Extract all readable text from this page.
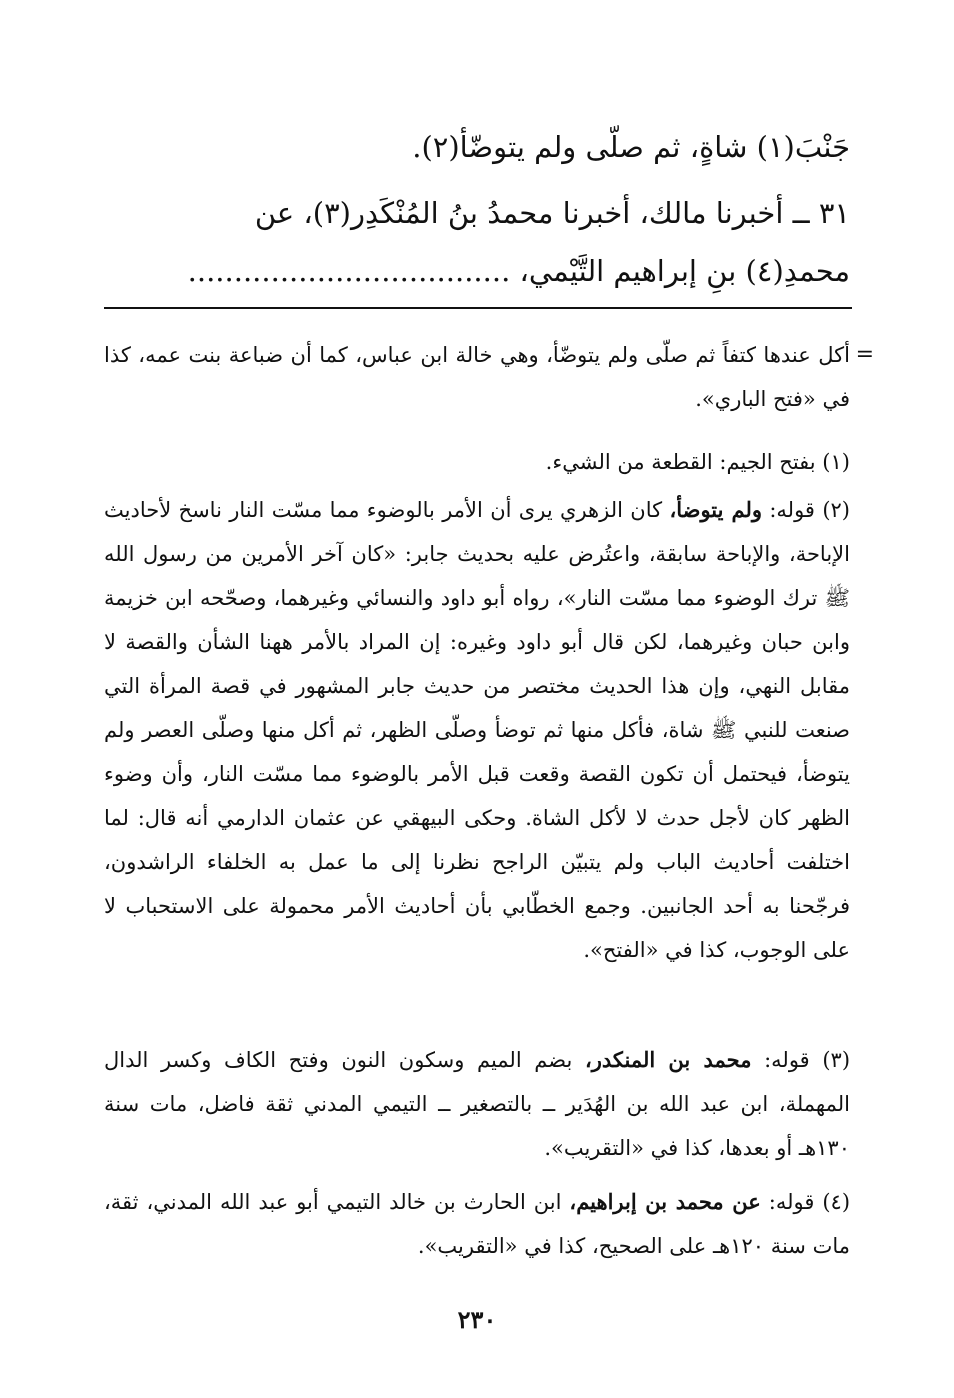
جَنْبَ(١) شاةٍ، ثم صلّى ولم يتوضّأ(٢).

٣١ ــ أخبرنا مالك، أخبرنا محمدُ بنُ المُنْكَدِر(٣)، عن

محمدِ(٤) بنِ إبراهيم التَّيْمي، ...................................

=

أكل عندها كتفاً ثم صلّى ولم يتوضّأ، وهي خالة ابن عباس، كما أن ضباعة بنت عمه، كذا في «فتح الباري».

(١) بفتح الجيم: القطعة من الشيء.

(٢) قوله: ولم يتوضأ، كان الزهري يرى أن الأمر بالوضوء مما مسّت النار ناسخ لأحاديث الإباحة، والإباحة سابقة، واعتُرض عليه بحديث جابر: «كان آخر الأمرين من رسول الله ﷺ ترك الوضوء مما مسّت النار»، رواه أبو داود والنسائي وغيرهما، وصحّحه ابن خزيمة وابن حبان وغيرهما، لكن قال أبو داود وغيره: إن المراد بالأمر ههنا الشأن والقصة لا مقابل النهي، وإن هذا الحديث مختصر من حديث جابر المشهور في قصة المرأة التي صنعت للنبي ﷺ شاة، فأكل منها ثم توضأ وصلّى الظهر، ثم أكل منها وصلّى العصر ولم يتوضأ، فيحتمل أن تكون القصة وقعت قبل الأمر بالوضوء مما مسّت النار، وأن وضوء الظهر كان لأجل حدث لا لأكل الشاة. وحكى البيهقي عن عثمان الدارمي أنه قال: لما اختلفت أحاديث الباب ولم يتبيّن الراجح نظرنا إلى ما عمل به الخلفاء الراشدون، فرجّحنا به أحد الجانبين. وجمع الخطّابي بأن أحاديث الأمر محمولة على الاستحباب لا على الوجوب، كذا في «الفتح».

(٣) قوله: محمد بن المنكدر، بضم الميم وسكون النون وفتح الكاف وكسر الدال المهملة، ابن عبد الله بن الهُدَير ــ بالتصغير ــ التيمي المدني ثقة فاضل، مات سنة ١٣٠هـ أو بعدها، كذا في «التقريب».

(٤) قوله: عن محمد بن إبراهيم، ابن الحارث بن خالد التيمي أبو عبد الله المدني، ثقة، مات سنة ١٢٠هـ على الصحيح، كذا في «التقريب».

٢٣٠
